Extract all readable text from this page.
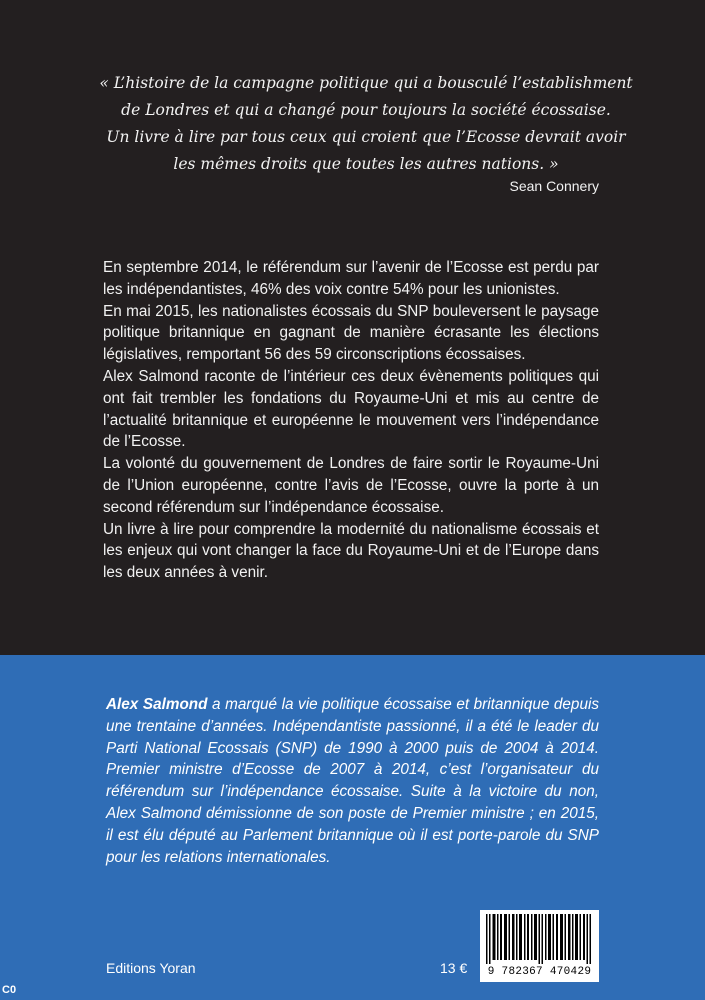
« L’histoire de la campagne politique qui a bousculé l’establishment
de Londres et qui a changé pour toujours la société écossaise.
Un livre à lire par tous ceux qui croient que l’Ecosse devrait avoir
les mêmes droits que toutes les autres nations. »
Sean Connery

En septembre 2014, le référendum sur l’avenir de l’Ecosse est perdu par les indépendantistes, 46% des voix contre 54% pour les unionistes.

En mai 2015, les nationalistes écossais du SNP bouleversent le paysage politique britannique en gagnant de manière écrasante les élections législatives, remportant 56 des 59 circonscriptions écossaises.

Alex Salmond raconte de l’intérieur ces deux évènements politiques qui ont fait trembler les fondations du Royaume-Uni et mis au centre de l’actualité britannique et européenne le mouvement vers l’indépendance de l’Ecosse.

La volonté du gouvernement de Londres de faire sortir le Royaume-Uni de l’Union européenne, contre l’avis de l’Ecosse, ouvre la porte à un second référendum sur l’indépendance écossaise.

Un livre à lire pour comprendre la modernité du nationalisme écossais et les enjeux qui vont changer la face du Royaume-Uni et de l’Europe dans les deux années à venir.

Alex Salmond a marqué la vie politique écossaise et britannique depuis une trentaine d’années. Indépendantiste passionné, il a été le leader du Parti National Ecossais (SNP) de 1990 à 2000 puis de 2004 à 2014. Premier ministre d’Ecosse de 2007 à 2014, c’est l’organisateur du référendum sur l’indépendance écossaise. Suite à la victoire du non, Alex Salmond démissionne de son poste de Premier ministre ; en 2015, il est élu député au Parlement britannique où il est porte-parole du SNP pour les relations internationales.
Editions Yoran	13 €	9 782367 470429
C0
